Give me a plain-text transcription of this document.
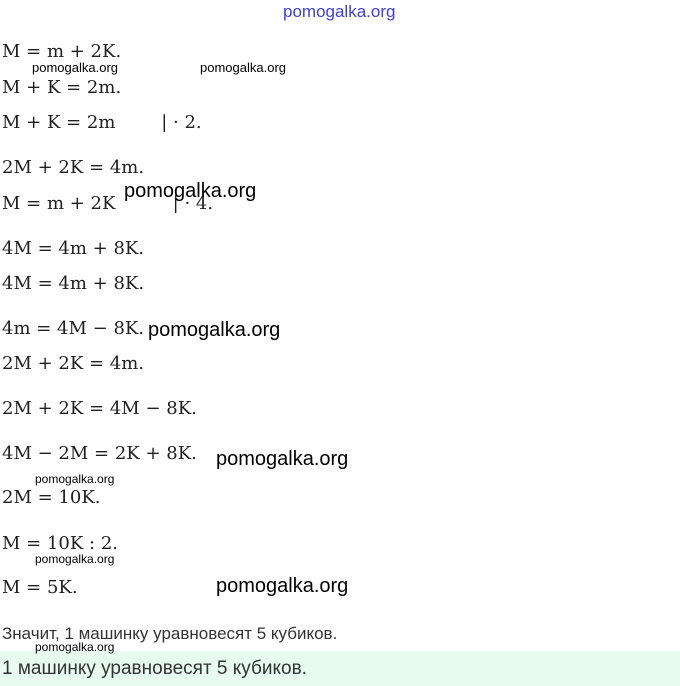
pomogalka.org

M = m + 2K.

M + K = 2m.

M + K = 2m        | · 2.

2M + 2K = 4m.

M = m + 2K          | · 4.

4M = 4m + 8K.

4M = 4m + 8K.

4m = 4M − 8K.

2M + 2K = 4m.

2M + 2K = 4M − 8K.

4M − 2M = 2K + 8K.

2M = 10K.

M = 10K : 2.

M = 5K.

pomogalka.org	pomogalka.org
pomogalka.org
pomogalka.org
pomogalka.org
pomogalka.org
pomogalka.org
pomogalka.org
pomogalka.org
Значит, 1 машинку уравновесят 5 кубиков.
1 машинку уравновесят 5 кубиков.
